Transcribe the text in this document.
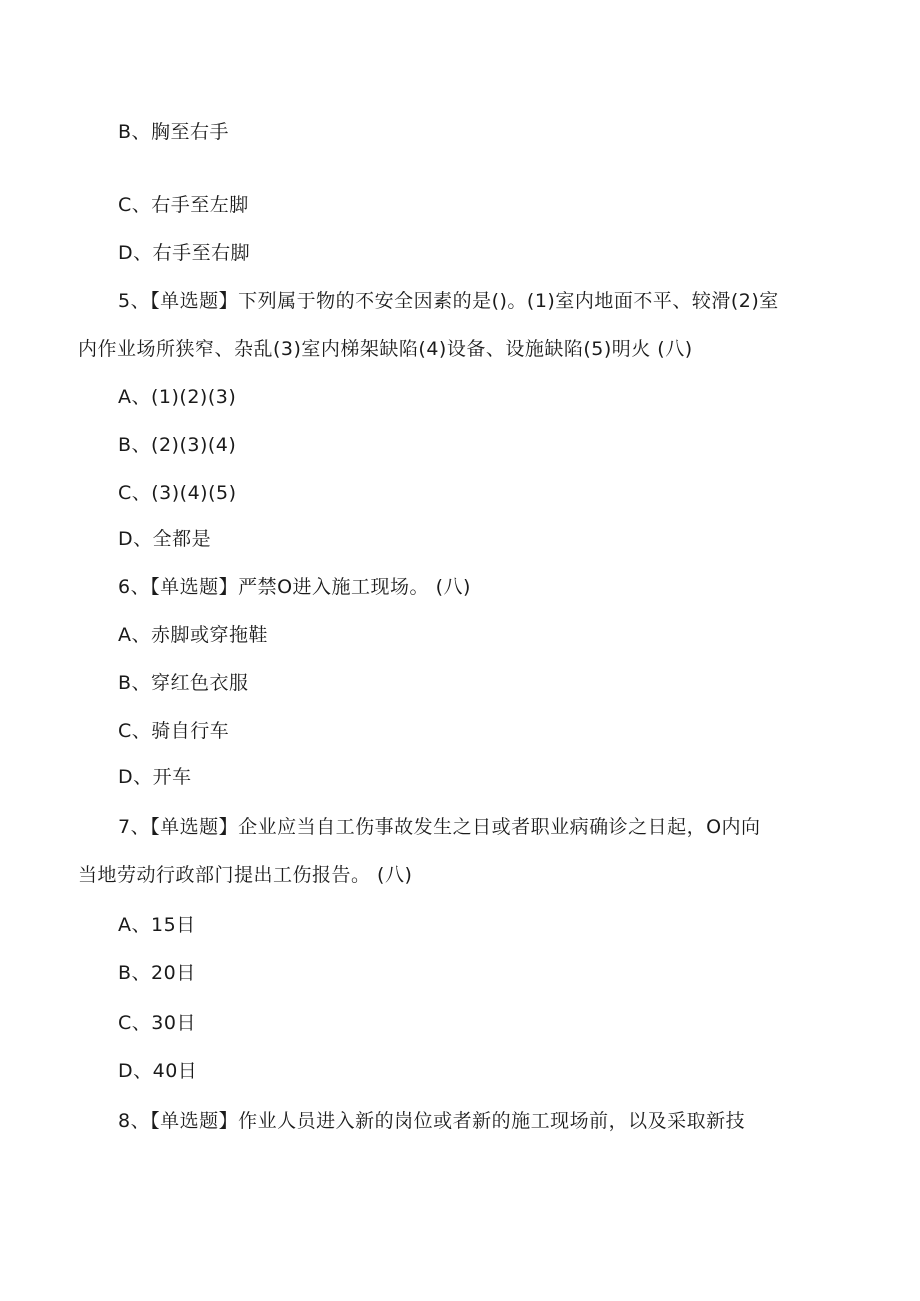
B、胸至右手
C、右手至左脚
D、右手至右脚
5、【单选题】下列属于物的不安全因素的是()。(1)室内地面不平、较滑(2)室
内作业场所狭窄、杂乱(3)室内梯架缺陷(4)设备、设施缺陷(5)明火 (八)
A、(1)(2)(3)
B、(2)(3)(4)
C、(3)(4)(5)
D、全都是
6、【单选题】严禁O进入施工现场。 (八)
A、赤脚或穿拖鞋
B、穿红色衣服
C、骑自行车
D、开车
7、【单选题】企业应当自工伤事故发生之日或者职业病确诊之日起，O内向
当地劳动行政部门提出工伤报告。 (八)
A、15日
B、20日
C、30日
D、40日
8、【单选题】作业人员进入新的岗位或者新的施工现场前，以及采取新技
